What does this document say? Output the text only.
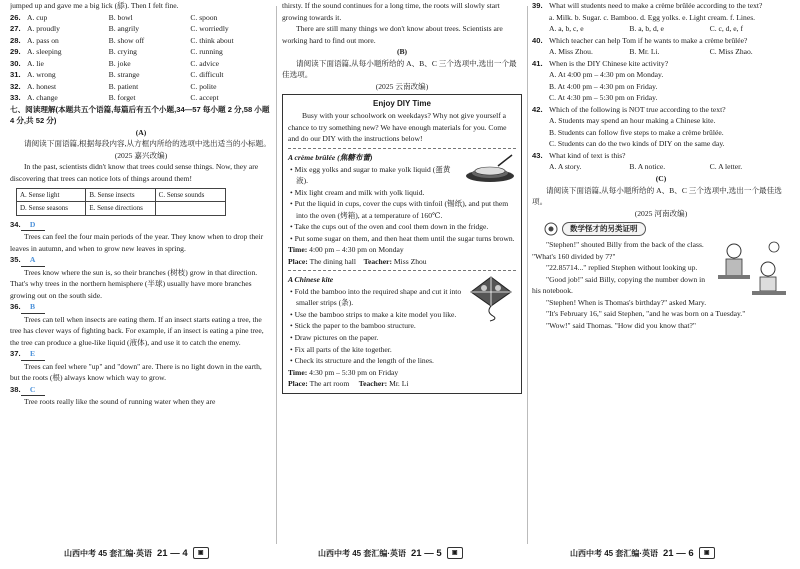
jumped up and gave me a big lick (舔). Then I felt fine.

26. A. cup	B. bowl	C. spoon
27. A. proudly	B. angrily	C. worriedly
28. A. pass on	B. show off	C. think about
29. A. sleeping	B. crying	C. running
30. A. lie	B. joke	C. advice
31. A. wrong	B. strange	C. difficult
32. A. honest	B. patient	C. polite
33. A. change	B. forget	C. accept

七、阅读理解(本题共五个语篇,每篇后有五个小题,34—57 每小题 2 分,58 小题 4 分,共 52 分)

(A)

请阅读下面语篇,根据每段内容,从方框内所给的选项中选出适当的小标题。

(2025 嘉兴改编)

In the past, scientists didn't know that trees could sense things. Now, they are discovering that trees can notice lots of things around them!

A. Sense light	B. Sense insects	C. Sense sounds
D. Sense seasons	E. Sense directions

34. D

Trees can feel the four main periods of the year. They know when to drop their leaves in autumn, and when to grow new leaves in spring.

35. A

Trees know where the sun is, so their branches (树枝) grow in that direction. That's why trees in the northern hemisphere (半球) usually have more branches growing out on the south side.

36. B

Trees can tell when insects are eating them. If an insect starts eating a tree, the tree has clever ways of fighting back. For example, if an insect is eating a pine tree, the tree can produce a glue-like liquid (液体), and use it to catch the enemy.

37. E

Trees can feel where "up" and "down" are. There is no light down in the earth, but the roots (根) always know which way to grow.

38. C

Tree roots really like the sound of running water when they are

thirsty. If the sound continues for a long time, the roots will slowly start growing towards it.

There are still many things we don't know about trees. Scientists are working hard to find out more.

(B)

请阅读下面语篇,从每小题所给的 A、B、C 三个选项中,选出一个最佳选项。

(2025 云南改编)

Enjoy DIY Time

Busy with your schoolwork on weekdays? Why not give yourself a chance to try something new? We have enough materials for you. Come and do our DIY with the instructions below!

A crème brûlée (焦糖布蕾)

• Mix egg yolks and sugar to make yolk liquid (蛋黄液).

• Mix light cream and milk with yolk liquid.

• Put the liquid in cups, cover the cups with tinfoil (锡纸), and put them into the oven (烤箱), at a temperature of 160℃.

• Take the cups out of the oven and cool them down in the fridge.

• Put some sugar on them, and then heat them until the sugar turns brown.

Time: 4:00 pm – 4:30 pm on Monday

Place: The dining hall Teacher: Miss Zhou

A Chinese kite

• Fold the bamboo into the required shape and cut it into smaller strips (条).

• Use the bamboo strips to make a kite model you like.

• Stick the paper to the bamboo structure.

• Draw pictures on the paper.

• Fix all parts of the kite together.

• Check its structure and the length of the lines.

Time: 4:30 pm – 5:30 pm on Friday

Place: The art room Teacher: Mr. Li

39. What will students need to make a crème brûlée according to the text?

a. Milk. b. Sugar. c. Bamboo. d. Egg yolks. e. Light cream. f. Lines.

A. a, b, c, e	B. a, b, d, e	C. c, d, e, f
40. Which teacher can help Tom if he wants to make a crème brûlée?
A. Miss Zhou.	B. Mr. Li.	C. Miss Zhao.
41. When is the DIY Chinese kite activity?
A. At 4:00 pm – 4:30 pm on Monday.
B. At 4:00 pm – 4:30 pm on Friday.
C. At 4:30 pm – 5:30 pm on Friday.
42. Which of the following is NOT true according to the text?
A. Students may spend an hour making a Chinese kite.
B. Students can follow five steps to make a crème brûlée.
C. Students can do the two kinds of DIY on the same day.
43. What kind of text is this?
A. A story.	B. A notice.	C. A letter.

(C)

请阅读下面语篇,从每小题所给的 A、B、C 三个选项中,选出一个最佳选项。

(2025 河南改编)

数学怪才的另类证明

"Stephen!" shouted Billy from the back of the class. "What's 160 divided by 7?"

"22.85714..." replied Stephen without looking up.

"Good job!" said Billy, copying the number down in his notebook.

"Stephen! When is Thomas's birthday?" asked Mary.

"It's February 16," said Stephen, "and he was born on a Tuesday."

"Wow!" said Thomas. "How did you know that?"

山西中考 45 套汇编·英语 21 — 4	▣	山西中考 45 套汇编·英语 21 — 5	▣	山西中考 45 套汇编·英语 21 — 6	▣
